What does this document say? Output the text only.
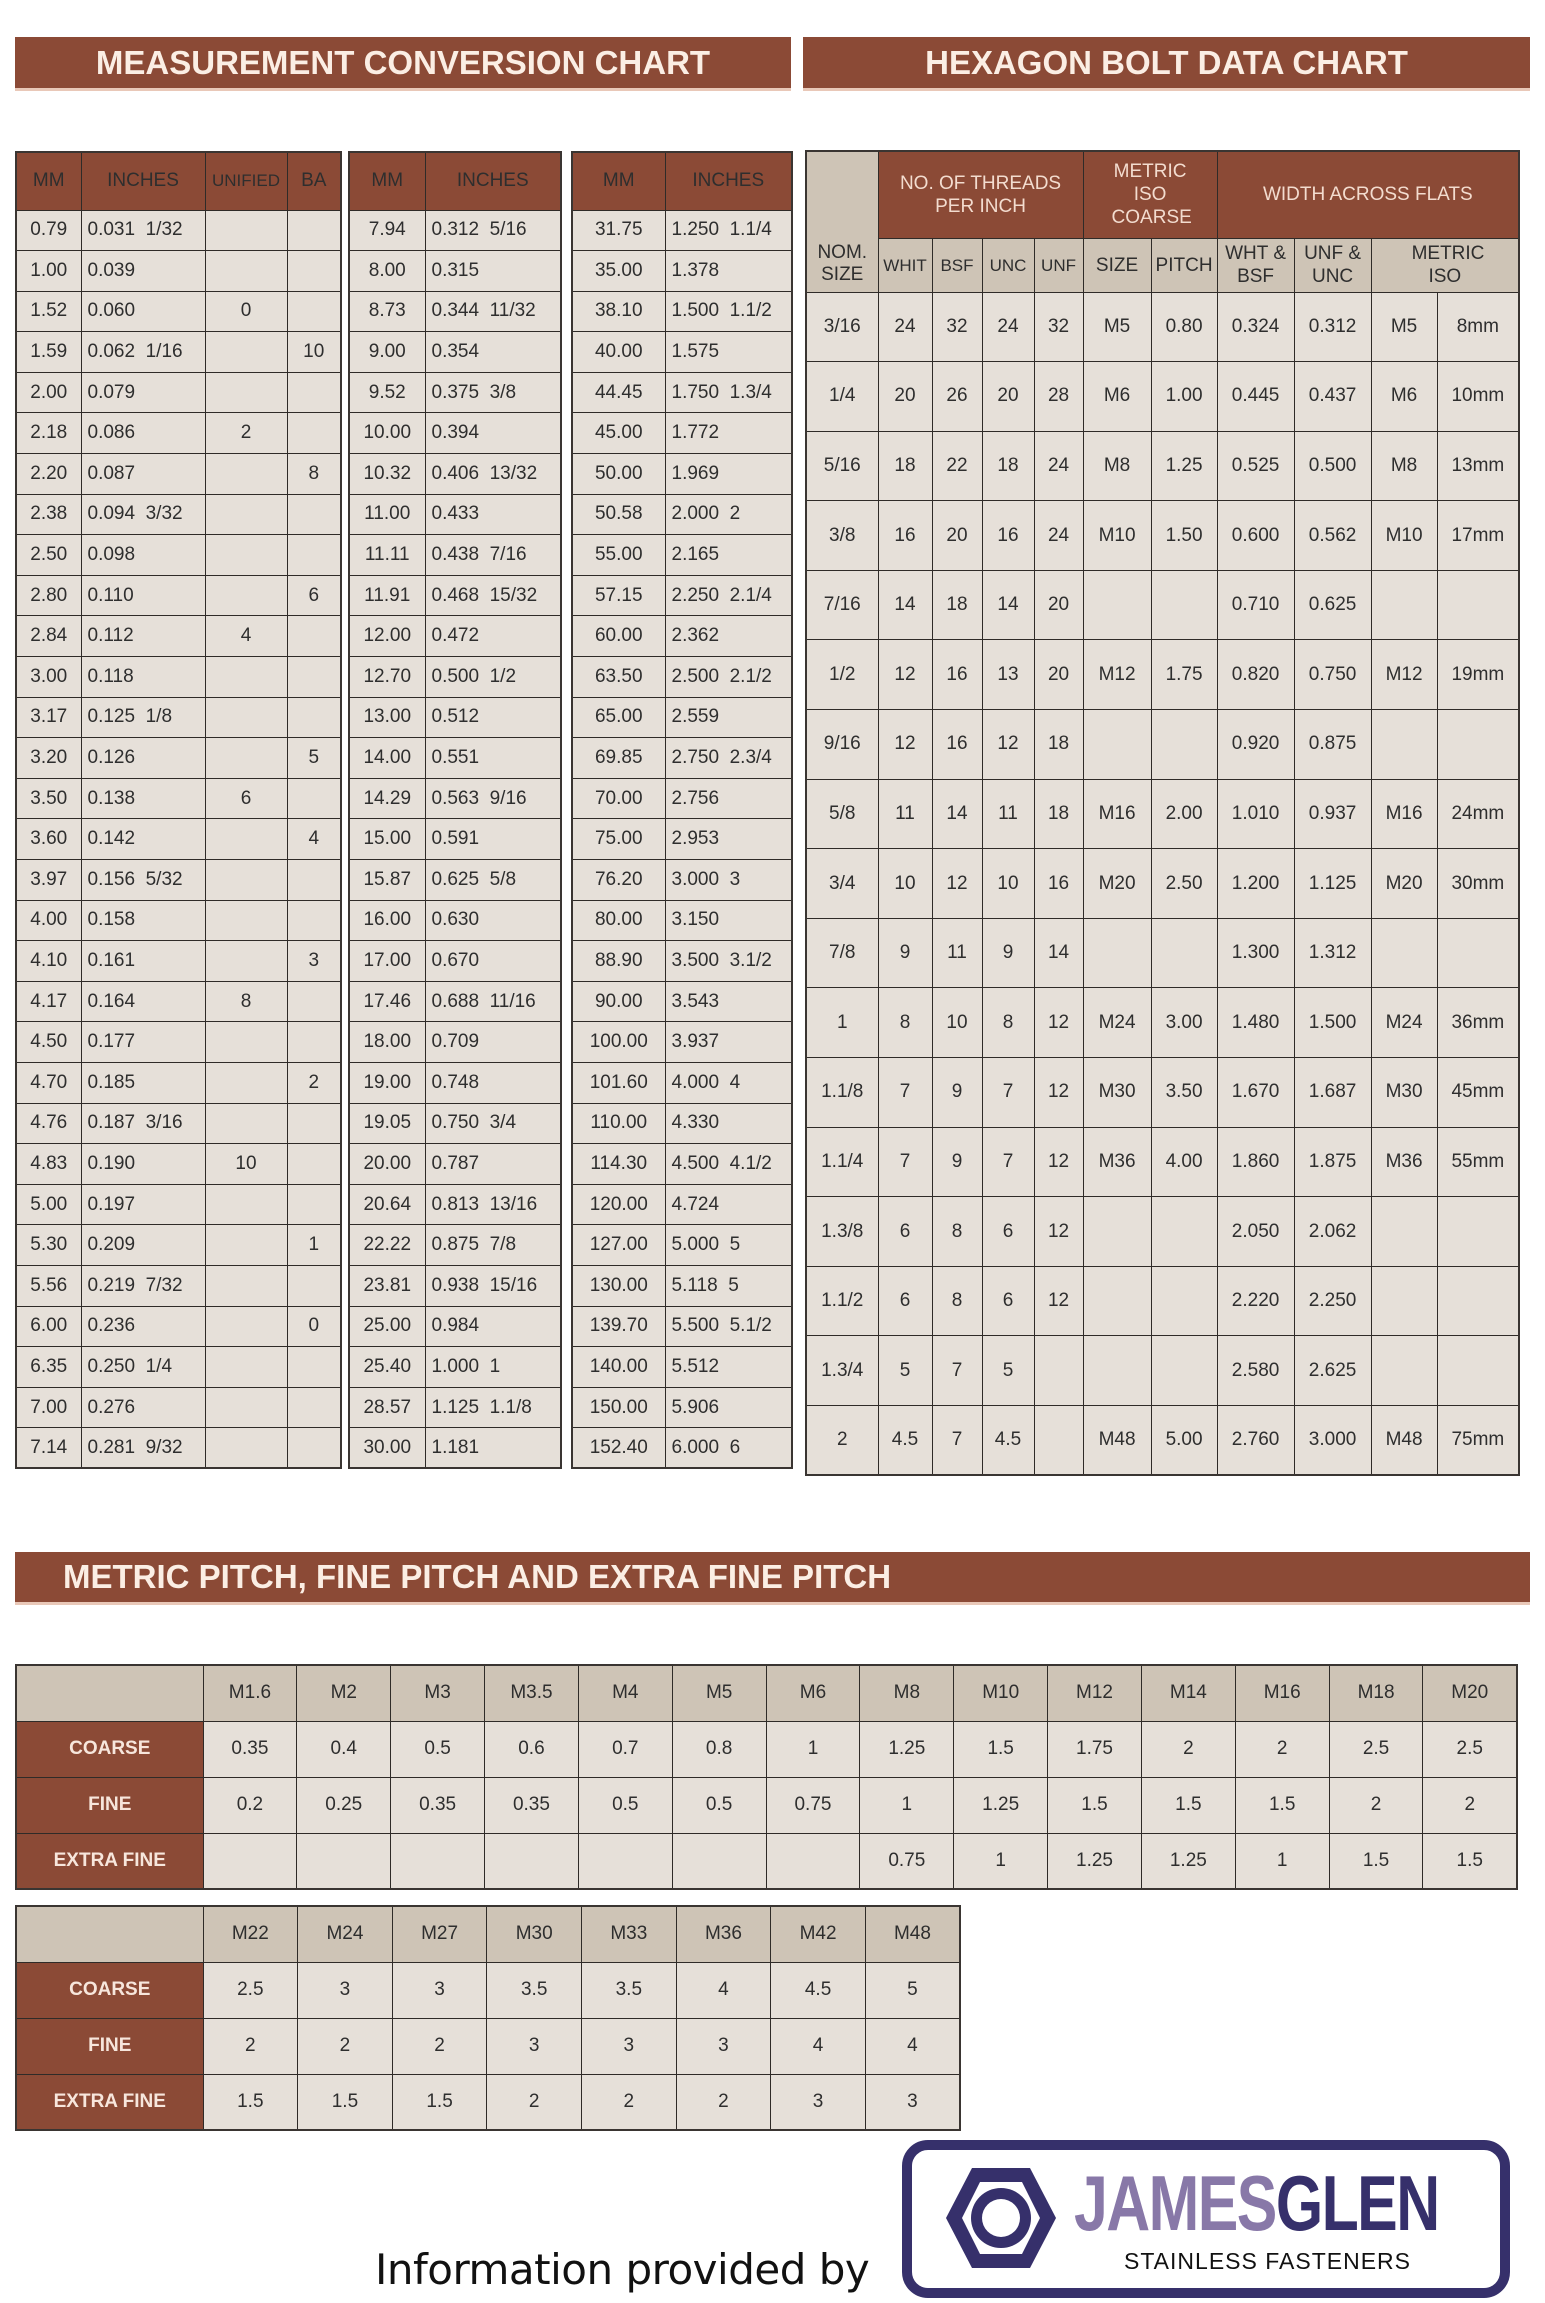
MEASUREMENT CONVERSION CHART	HEXAGON BOLT DATA CHART
MM	INCHES	UNIFIED	BA
0.79	0.031  1/32		
1.00	0.039		
1.52	0.060	0	
1.59	0.062  1/16		10
2.00	0.079		
2.18	0.086	2	
2.20	0.087		8
2.38	0.094  3/32		
2.50	0.098		
2.80	0.110		6
2.84	0.112	4	
3.00	0.118		
3.17	0.125  1/8		
3.20	0.126		5
3.50	0.138	6	
3.60	0.142		4
3.97	0.156  5/32		
4.00	0.158		
4.10	0.161		3
4.17	0.164	8	
4.50	0.177		
4.70	0.185		2
4.76	0.187  3/16		
4.83	0.190	10	
5.00	0.197		
5.30	0.209		1
5.56	0.219  7/32		
6.00	0.236		0
6.35	0.250  1/4		
7.00	0.276		
7.14	0.281  9/32		
MM	INCHES
7.94	0.312  5/16
8.00	0.315
8.73	0.344  11/32
9.00	0.354
9.52	0.375  3/8
10.00	0.394
10.32	0.406  13/32
11.00	0.433
11.11	0.438  7/16
11.91	0.468  15/32
12.00	0.472
12.70	0.500  1/2
13.00	0.512
14.00	0.551
14.29	0.563  9/16
15.00	0.591
15.87	0.625  5/8
16.00	0.630
17.00	0.670
17.46	0.688  11/16
18.00	0.709
19.00	0.748
19.05	0.750  3/4
20.00	0.787
20.64	0.813  13/16
22.22	0.875  7/8
23.81	0.938  15/16
25.00	0.984
25.40	1.000  1
28.57	1.125  1.1/8
30.00	1.181
MM	INCHES
31.75	1.250  1.1/4
35.00	1.378
38.10	1.500  1.1/2
40.00	1.575
44.45	1.750  1.3/4
45.00	1.772
50.00	1.969
50.58	2.000  2
55.00	2.165
57.15	2.250  2.1/4
60.00	2.362
63.50	2.500  2.1/2
65.00	2.559
69.85	2.750  2.3/4
70.00	2.756
75.00	2.953
76.20	3.000  3
80.00	3.150
88.90	3.500  3.1/2
90.00	3.543
100.00	3.937
101.60	4.000  4
110.00	4.330
114.30	4.500  4.1/2
120.00	4.724
127.00	5.000  5
130.00	5.118  5
139.70	5.500  5.1/2
140.00	5.512
150.00	5.906
152.40	6.000  6
NOM. SIZE	NO. OF THREADS PER INCH				METRIC ISO COARSE		WIDTH ACROSS FLATS			
	WHIT	BSF	UNC	UNF	SIZE	PITCH	WHT & BSF	UNF & UNC	METRIC ISO	
3/16	24	32	24	32	M5	0.80	0.324	0.312	M5	8mm
1/4	20	26	20	28	M6	1.00	0.445	0.437	M6	10mm
5/16	18	22	18	24	M8	1.25	0.525	0.500	M8	13mm
3/8	16	20	16	24	M10	1.50	0.600	0.562	M10	17mm
7/16	14	18	14	20			0.710	0.625		
1/2	12	16	13	20	M12	1.75	0.820	0.750	M12	19mm
9/16	12	16	12	18			0.920	0.875		
5/8	11	14	11	18	M16	2.00	1.010	0.937	M16	24mm
3/4	10	12	10	16	M20	2.50	1.200	1.125	M20	30mm
7/8	9	11	9	14			1.300	1.312		
1	8	10	8	12	M24	3.00	1.480	1.500	M24	36mm
1.1/8	7	9	7	12	M30	3.50	1.670	1.687	M30	45mm
1.1/4	7	9	7	12	M36	4.00	1.860	1.875	M36	55mm
1.3/8	6	8	6	12			2.050	2.062		
1.1/2	6	8	6	12			2.220	2.250		
1.3/4	5	7	5				2.580	2.625		
2	4.5	7	4.5		M48	5.00	2.760	3.000	M48	75mm
METRIC PITCH, FINE PITCH AND EXTRA FINE PITCH
	M1.6	M2	M3	M3.5	M4	M5	M6	M8	M10	M12	M14	M16	M18	M20
COARSE	0.35	0.4	0.5	0.6	0.7	0.8	1	1.25	1.5	1.75	2	2	2.5	2.5
FINE	0.2	0.25	0.35	0.35	0.5	0.5	0.75	1	1.25	1.5	1.5	1.5	2	2
EXTRA FINE								0.75	1	1.25	1.25	1	1.5	1.5
	M22	M24	M27	M30	M33	M36	M42	M48
COARSE	2.5	3	3	3.5	3.5	4	4.5	5
FINE	2	2	2	3	3	3	4	4
EXTRA FINE	1.5	1.5	1.5	2	2	2	3	3
Information provided by
JAMESGLEN
STAINLESS FASTENERS
